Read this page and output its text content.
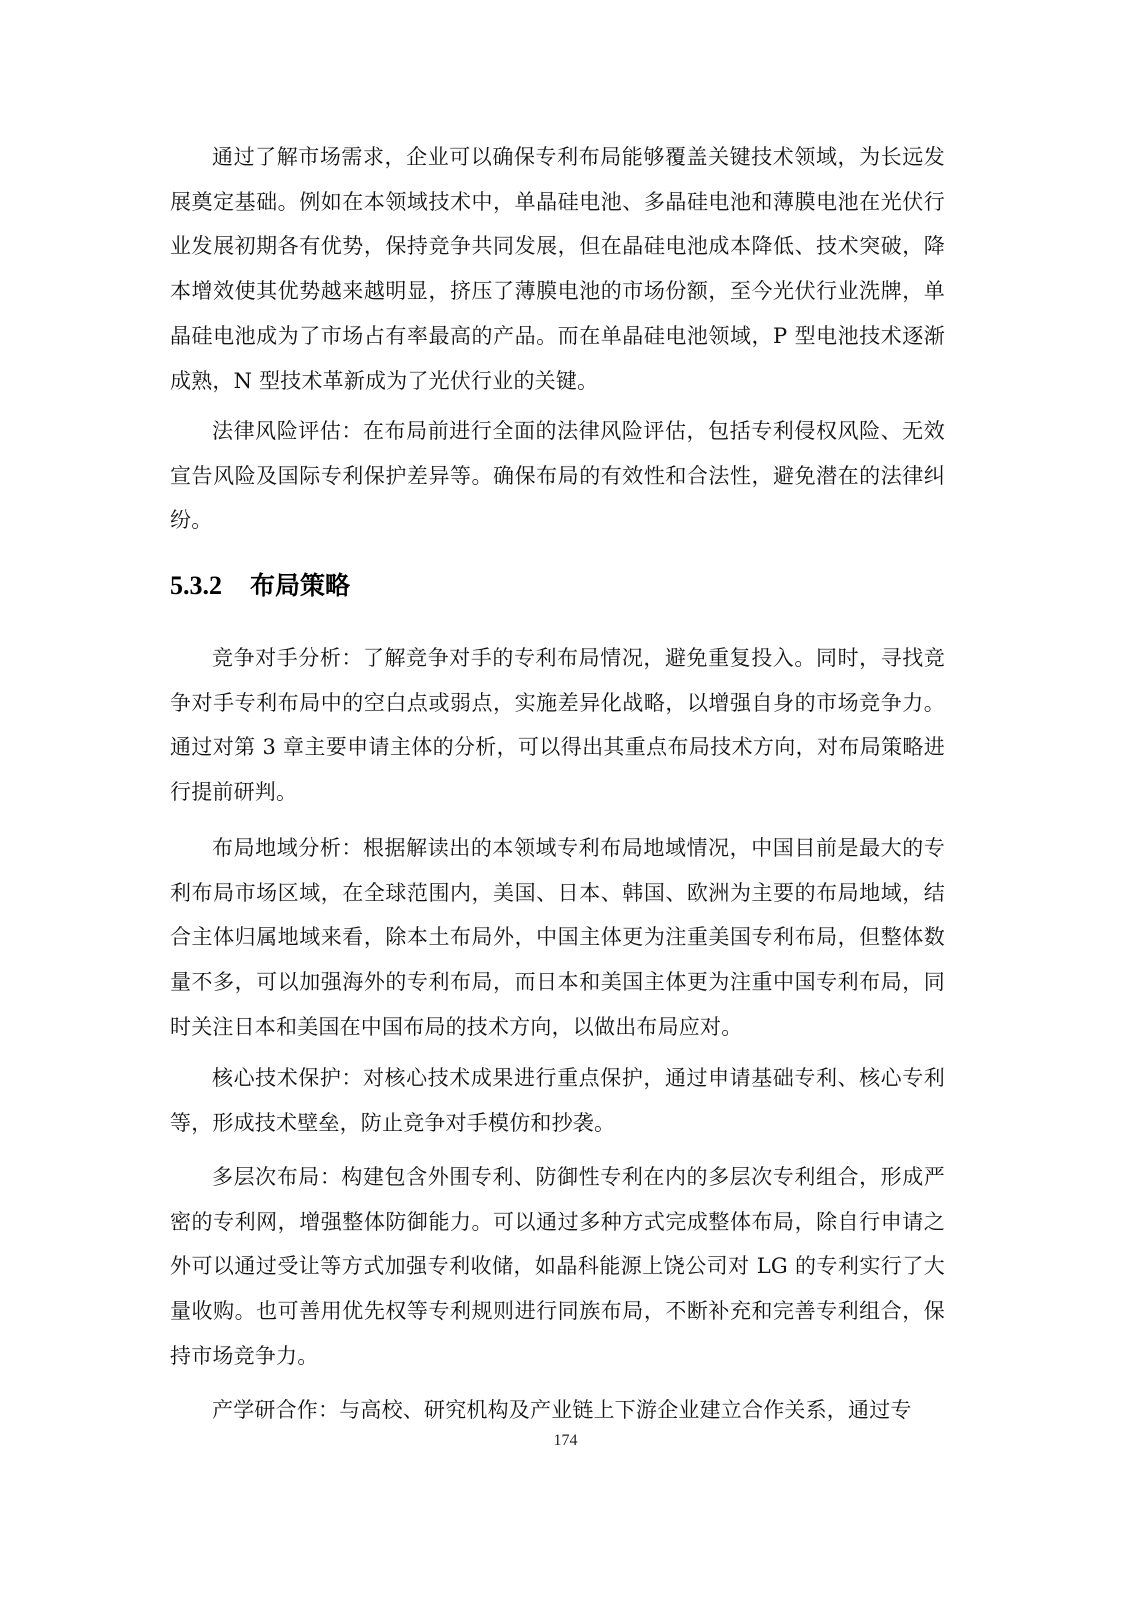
通过了解市场需求，企业可以确保专利布局能够覆盖关键技术领域，为长远发展奠定基础。例如在本领域技术中，单晶硅电池、多晶硅电池和薄膜电池在光伏行业发展初期各有优势，保持竞争共同发展，但在晶硅电池成本降低、技术突破，降本增效使其优势越来越明显，挤压了薄膜电池的市场份额，至今光伏行业洗牌，单晶硅电池成为了市场占有率最高的产品。而在单晶硅电池领域，P 型电池技术逐渐成熟，N 型技术革新成为了光伏行业的关键。

法律风险评估：在布局前进行全面的法律风险评估，包括专利侵权风险、无效宣告风险及国际专利保护差异等。确保布局的有效性和合法性，避免潜在的法律纠纷。

5.3.2 布局策略

竞争对手分析：了解竞争对手的专利布局情况，避免重复投入。同时，寻找竞争对手专利布局中的空白点或弱点，实施差异化战略，以增强自身的市场竞争力。通过对第 3 章主要申请主体的分析，可以得出其重点布局技术方向，对布局策略进行提前研判。

布局地域分析：根据解读出的本领域专利布局地域情况，中国目前是最大的专利布局市场区域，在全球范围内，美国、日本、韩国、欧洲为主要的布局地域，结合主体归属地域来看，除本土布局外，中国主体更为注重美国专利布局，但整体数量不多，可以加强海外的专利布局，而日本和美国主体更为注重中国专利布局，同时关注日本和美国在中国布局的技术方向，以做出布局应对。

核心技术保护：对核心技术成果进行重点保护，通过申请基础专利、核心专利等，形成技术壁垒，防止竞争对手模仿和抄袭。

多层次布局：构建包含外围专利、防御性专利在内的多层次专利组合，形成严密的专利网，增强整体防御能力。可以通过多种方式完成整体布局，除自行申请之外可以通过受让等方式加强专利收储，如晶科能源上饶公司对 LG 的专利实行了大量收购。也可善用优先权等专利规则进行同族布局，不断补充和完善专利组合，保持市场竞争力。

产学研合作：与高校、研究机构及产业链上下游企业建立合作关系，通过专

174
